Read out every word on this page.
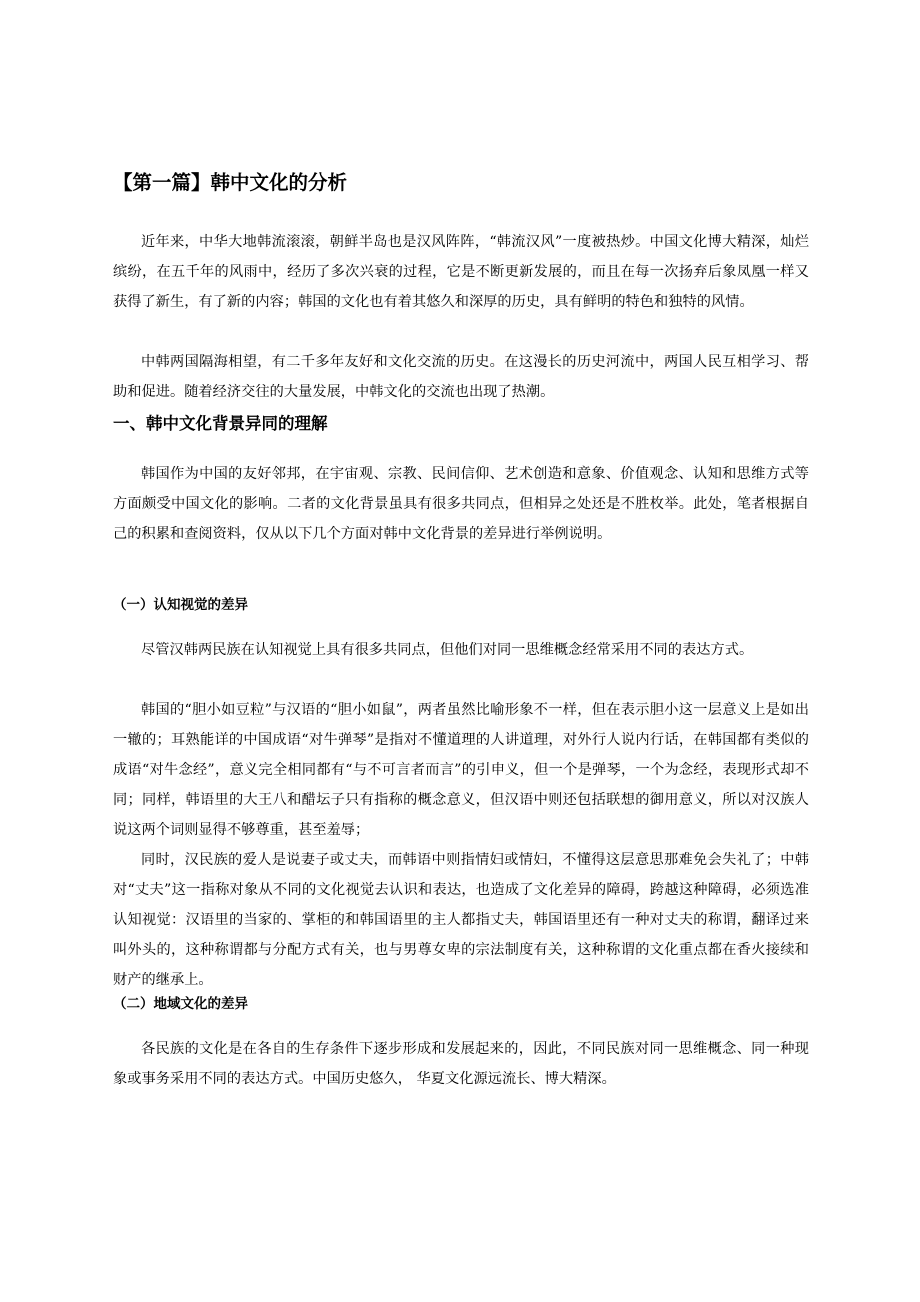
【第一篇】韩中文化的分析

近年来，中华大地韩流滚滚，朝鲜半岛也是汉风阵阵，“韩流汉风”一度被热炒。中国文化博大精深，灿烂缤纷，在五千年的风雨中，经历了多次兴衰的过程，它是不断更新发展的，而且在每一次扬弃后象凤凰一样又获得了新生，有了新的内容；韩国的文化也有着其悠久和深厚的历史，具有鲜明的特色和独特的风情。

中韩两国隔海相望，有二千多年友好和文化交流的历史。在这漫长的历史河流中，两国人民互相学习、帮助和促进。随着经济交往的大量发展，中韩文化的交流也出现了热潮。

一、韩中文化背景异同的理解

韩国作为中国的友好邻邦，在宇宙观、宗教、民间信仰、艺术创造和意象、价值观念、认知和思维方式等方面颇受中国文化的影响。二者的文化背景虽具有很多共同点，但相异之处还是不胜枚举。此处，笔者根据自己的积累和查阅资料，仅从以下几个方面对韩中文化背景的差异进行举例说明。

（一）认知视觉的差异

尽管汉韩两民族在认知视觉上具有很多共同点，但他们对同一思维概念经常采用不同的表达方式。

韩国的“胆小如豆粒”与汉语的“胆小如鼠”，两者虽然比喻形象不一样，但在表示胆小这一层意义上是如出一辙的；耳熟能详的中国成语“对牛弹琴”是指对不懂道理的人讲道理，对外行人说内行话，在韩国都有类似的成语“对牛念经”，意义完全相同都有“与不可言者而言”的引申义，但一个是弹琴，一个为念经，表现形式却不同；同样，韩语里的大王八和醋坛子只有指称的概念意义，但汉语中则还包括联想的御用意义，所以对汉族人说这两个词则显得不够尊重，甚至羞辱；

同时，汉民族的爱人是说妻子或丈夫，而韩语中则指情妇或情妇，不懂得这层意思那难免会失礼了；中韩对“丈夫”这一指称对象从不同的文化视觉去认识和表达，也造成了文化差异的障碍，跨越这种障碍，必须选准认知视觉：汉语里的当家的、掌柜的和韩国语里的主人都指丈夫，韩国语里还有一种对丈夫的称谓，翻译过来叫外头的，这种称谓都与分配方式有关，也与男尊女卑的宗法制度有关，这种称谓的文化重点都在香火接续和财产的继承上。

（二）地域文化的差异

各民族的文化是在各自的生存条件下逐步形成和发展起来的，因此，不同民族对同一思维概念、同一种现象或事务采用不同的表达方式。中国历史悠久， 华夏文化源远流长、博大精深。
